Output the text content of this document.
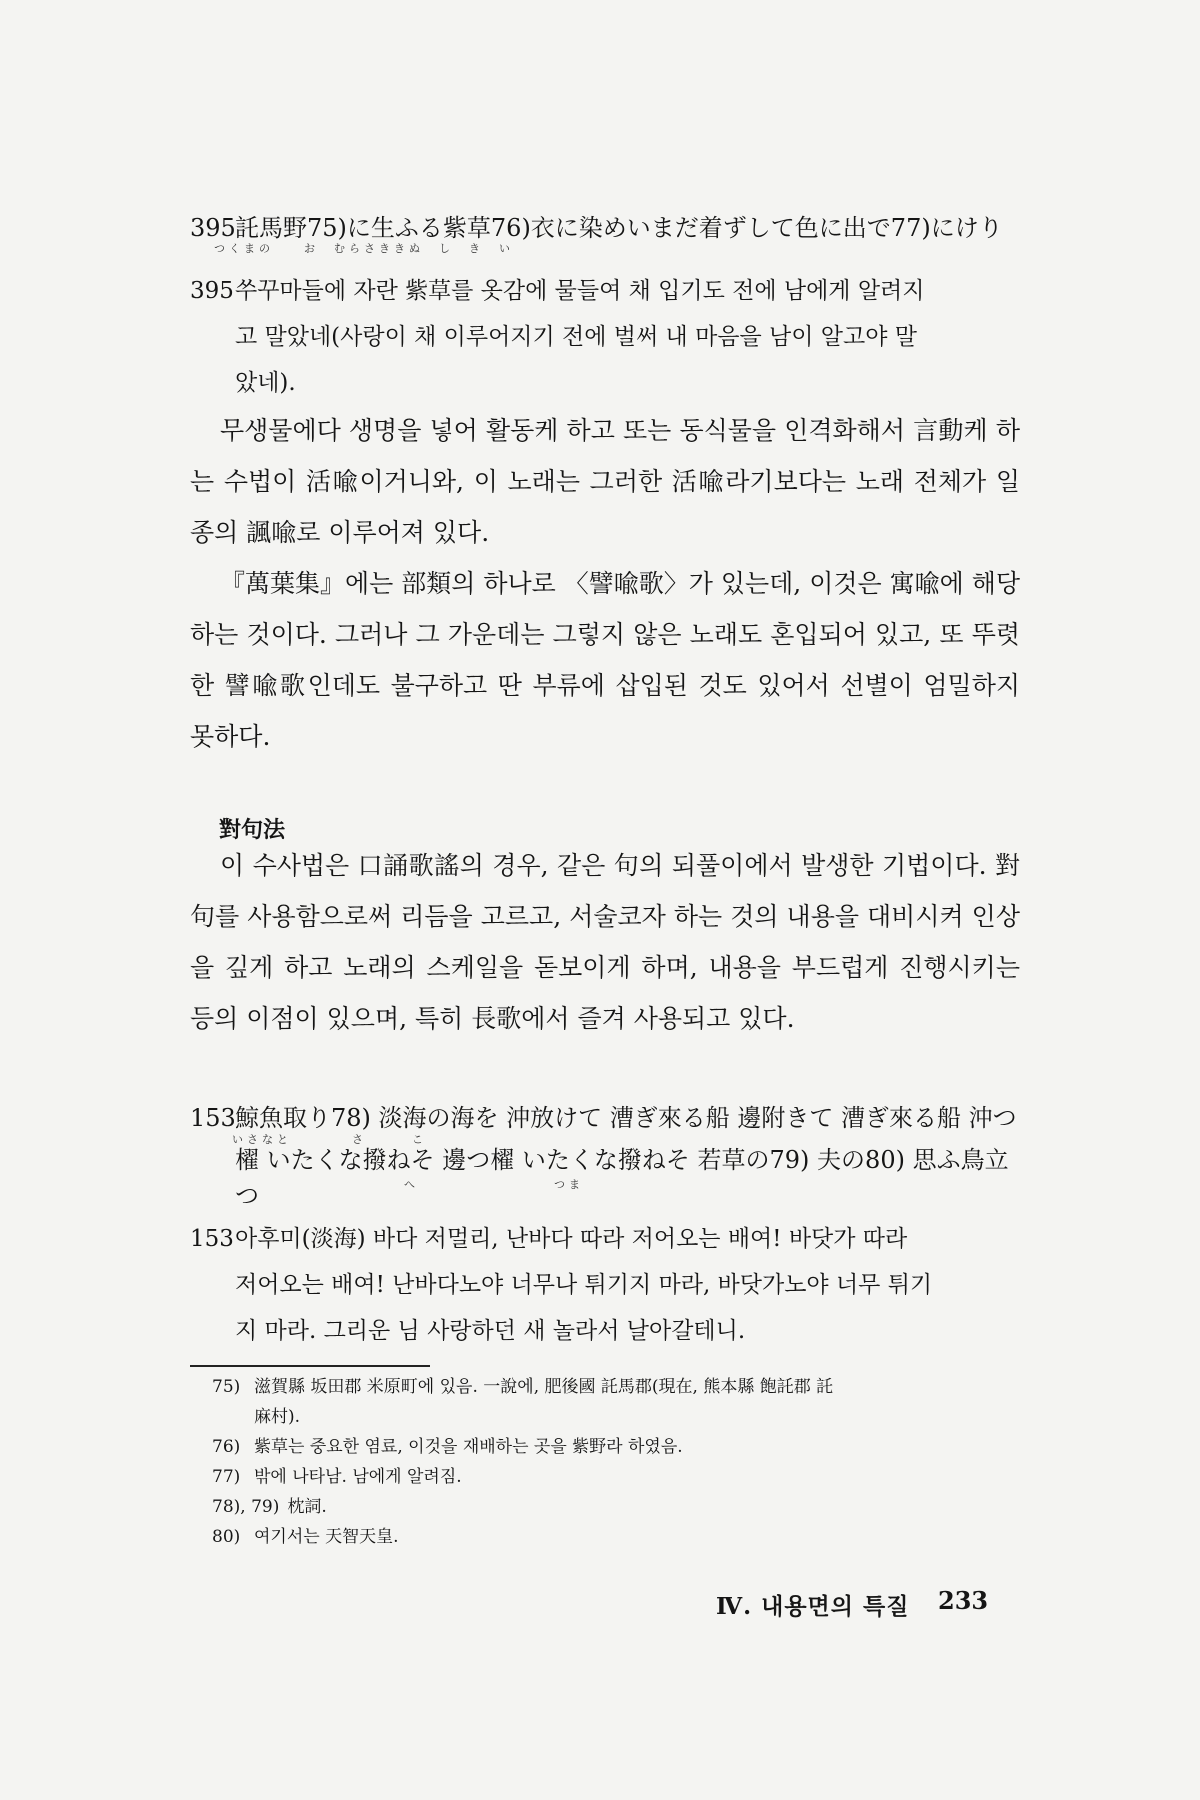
395託馬野75)に生ふる紫草76)衣に染めいまだ着ずして色に出で77)にけり
つくまの　　お　むらさききぬ　し　き　い
395쑤꾸마들에 자란 紫草를 옷감에 물들여 채 입기도 전에 남에게 알려지
고 말았네(사랑이 채 이루어지기 전에 벌써 내 마음을 남이 알고야 말
았네).

무생물에다 생명을 넣어 활동케 하고 또는 동식물을 인격화해서 言動케 하는 수법이 活喩이거니와, 이 노래는 그러한 活喩라기보다는 노래 전체가 일종의 諷喩로 이루어져 있다.

『萬葉集』에는 部類의 하나로 〈譬喩歌〉가 있는데, 이것은 寓喩에 해당하는 것이다. 그러나 그 가운데는 그렇지 않은 노래도 혼입되어 있고, 또 뚜렷한 譬喩歌인데도 불구하고 딴 부류에 삽입된 것도 있어서 선별이 엄밀하지 못하다.

對句法

이 수사법은 口誦歌謠의 경우, 같은 句의 되풀이에서 발생한 기법이다. 對句를 사용함으로써 리듬을 고르고, 서술코자 하는 것의 내용을 대비시켜 인상을 깊게 하고 노래의 스케일을 돋보이게 하며, 내용을 부드럽게 진행시키는 등의 이점이 있으며, 특히 長歌에서 즐겨 사용되고 있다.

153鯨魚取り78) 淡海の海を 沖放けて 漕ぎ來る船 邊附きて 漕ぎ來る船 沖つ
櫂 いたくな撥ねそ 邊つ櫂 いたくな撥ねそ 若草の79) 夫の80) 思ふ鳥立つ
いさなと　　　　さ　　　こ
へ　　　　　　　　　つま
153아후미(淡海) 바다 저멀리, 난바다 따라 저어오는 배여! 바닷가 따라
저어오는 배여! 난바다노야 너무나 튀기지 마라, 바닷가노야 너무 튀기
지 마라. 그리운 님 사랑하던 새 놀라서 날아갈테니.
75) 滋賀縣 坂田郡 米原町에 있음. 一說에, 肥後國 託馬郡(現在, 熊本縣 飽託郡 託
麻村).
76) 紫草는 중요한 염료, 이것을 재배하는 곳을 紫野라 하였음.
77) 밖에 나타남. 남에게 알려짐.
78), 79) 枕詞.
80) 여기서는 天智天皇.
Ⅳ. 내용면의 특질 233
